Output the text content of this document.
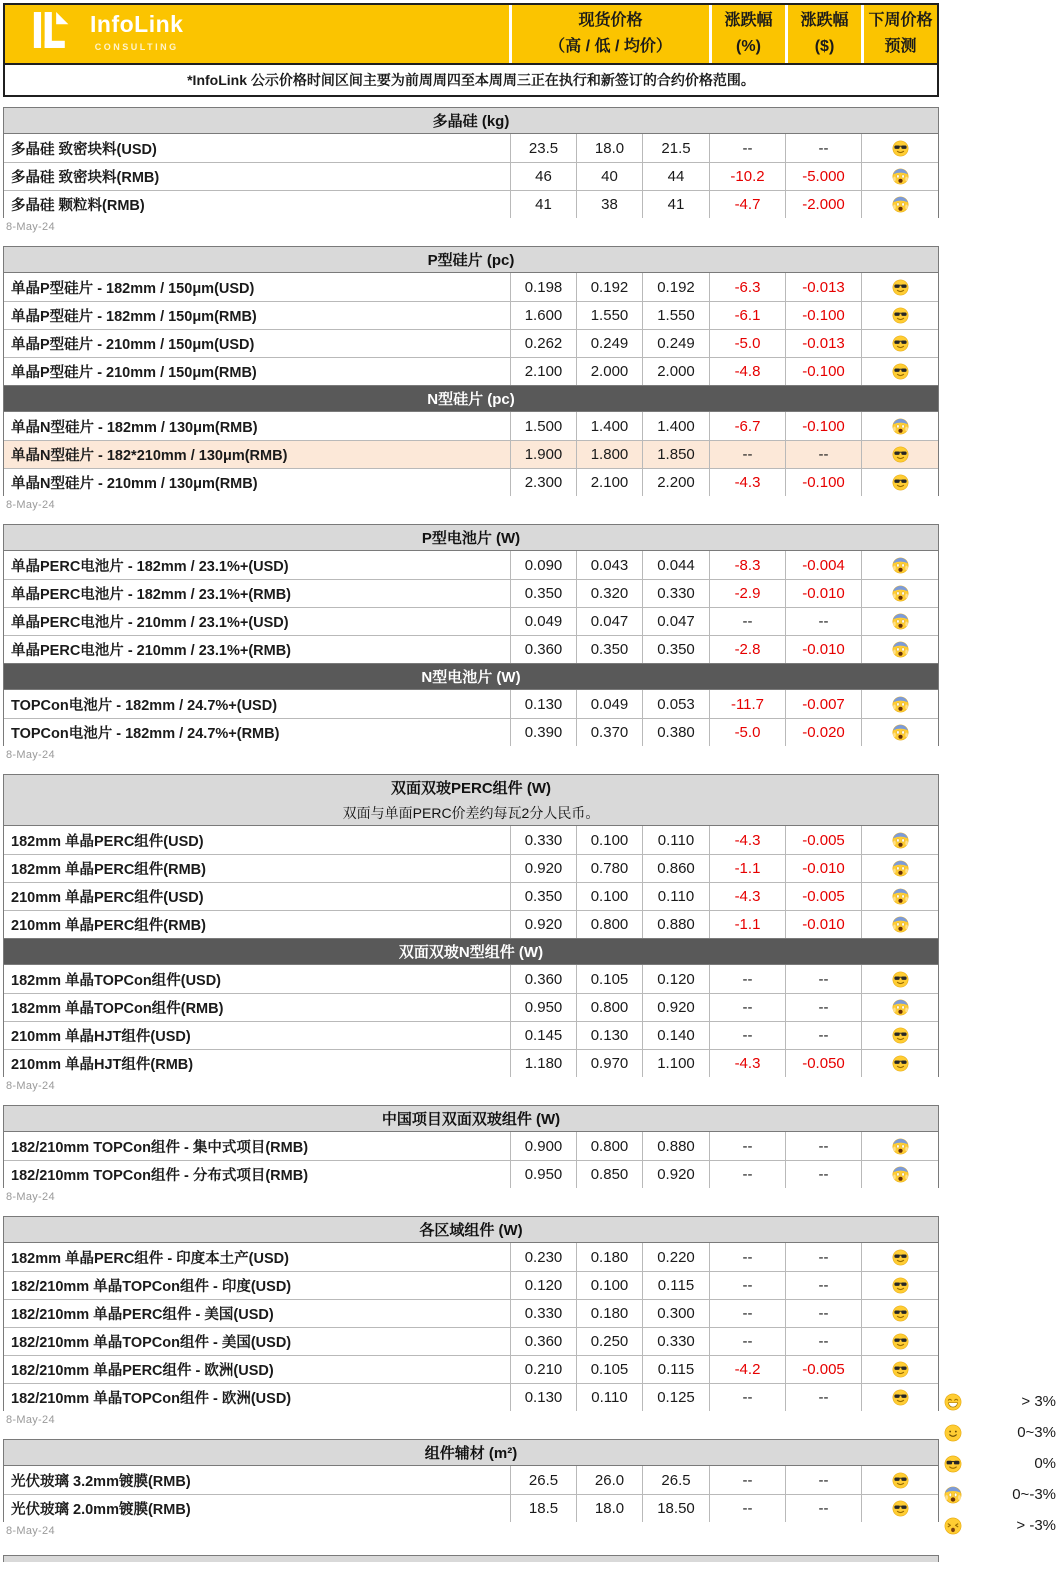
InfoLink
CONSULTING
现货价格
（高 / 低 / 均价）
涨跌幅
(%)
涨跌幅
($)
下周价格
预测
*InfoLink 公示价格时间区间主要为前周周四至本周周三正在执行和新签订的合约价格范围。
多晶硅 (kg)
多晶硅 致密块料(USD)	23.5	18.0	21.5	--	--
多晶硅 致密块料(RMB)	46	40	44	-10.2	-5.000
多晶硅 颗粒料(RMB)	41	38	41	-4.7	-2.000
8-May-24
P型硅片 (pc)
单晶P型硅片 - 182mm / 150μm(USD)	0.198	0.192	0.192	-6.3	-0.013
单晶P型硅片 - 182mm / 150μm(RMB)	1.600	1.550	1.550	-6.1	-0.100
单晶P型硅片 - 210mm / 150μm(USD)	0.262	0.249	0.249	-5.0	-0.013
单晶P型硅片 - 210mm / 150μm(RMB)	2.100	2.000	2.000	-4.8	-0.100
N型硅片 (pc)
单晶N型硅片 - 182mm / 130μm(RMB)	1.500	1.400	1.400	-6.7	-0.100
单晶N型硅片 - 182*210mm / 130μm(RMB)	1.900	1.800	1.850	--	--
单晶N型硅片 - 210mm / 130μm(RMB)	2.300	2.100	2.200	-4.3	-0.100
8-May-24
P型电池片 (W)
单晶PERC电池片 - 182mm / 23.1%+(USD)	0.090	0.043	0.044	-8.3	-0.004
单晶PERC电池片 - 182mm / 23.1%+(RMB)	0.350	0.320	0.330	-2.9	-0.010
单晶PERC电池片 - 210mm / 23.1%+(USD)	0.049	0.047	0.047	--	--
单晶PERC电池片 - 210mm / 23.1%+(RMB)	0.360	0.350	0.350	-2.8	-0.010
N型电池片 (W)
TOPCon电池片 - 182mm / 24.7%+(USD)	0.130	0.049	0.053	-11.7	-0.007
TOPCon电池片 - 182mm / 24.7%+(RMB)	0.390	0.370	0.380	-5.0	-0.020
8-May-24
双面双玻PERC组件 (W)
双面与单面PERC价差约每瓦2分人民币。
182mm 单晶PERC组件(USD)	0.330	0.100	0.110	-4.3	-0.005
182mm 单晶PERC组件(RMB)	0.920	0.780	0.860	-1.1	-0.010
210mm 单晶PERC组件(USD)	0.350	0.100	0.110	-4.3	-0.005
210mm 单晶PERC组件(RMB)	0.920	0.800	0.880	-1.1	-0.010
双面双玻N型组件 (W)
182mm 单晶TOPCon组件(USD)	0.360	0.105	0.120	--	--
182mm 单晶TOPCon组件(RMB)	0.950	0.800	0.920	--	--
210mm 单晶HJT组件(USD)	0.145	0.130	0.140	--	--
210mm 单晶HJT组件(RMB)	1.180	0.970	1.100	-4.3	-0.050
8-May-24
中国项目双面双玻组件 (W)
182/210mm TOPCon组件 - 集中式项目(RMB)	0.900	0.800	0.880	--	--
182/210mm TOPCon组件 - 分布式项目(RMB)	0.950	0.850	0.920	--	--
8-May-24
各区域组件 (W)
182mm 单晶PERC组件 - 印度本土产(USD)	0.230	0.180	0.220	--	--
182/210mm 单晶TOPCon组件 - 印度(USD)	0.120	0.100	0.115	--	--
182/210mm 单晶PERC组件 - 美国(USD)	0.330	0.180	0.300	--	--
182/210mm 单晶TOPCon组件 - 美国(USD)	0.360	0.250	0.330	--	--
182/210mm 单晶PERC组件 - 欧洲(USD)	0.210	0.105	0.115	-4.2	-0.005
182/210mm 单晶TOPCon组件 - 欧洲(USD)	0.130	0.110	0.125	--	--
8-May-24
组件辅材 (m²)
光伏玻璃 3.2mm镀膜(RMB)	26.5	26.0	26.5	--	--
光伏玻璃 2.0mm镀膜(RMB)	18.5	18.0	18.50	--	--
8-May-24
> 3%
0~3%
0%
0~-3%
> -3%
